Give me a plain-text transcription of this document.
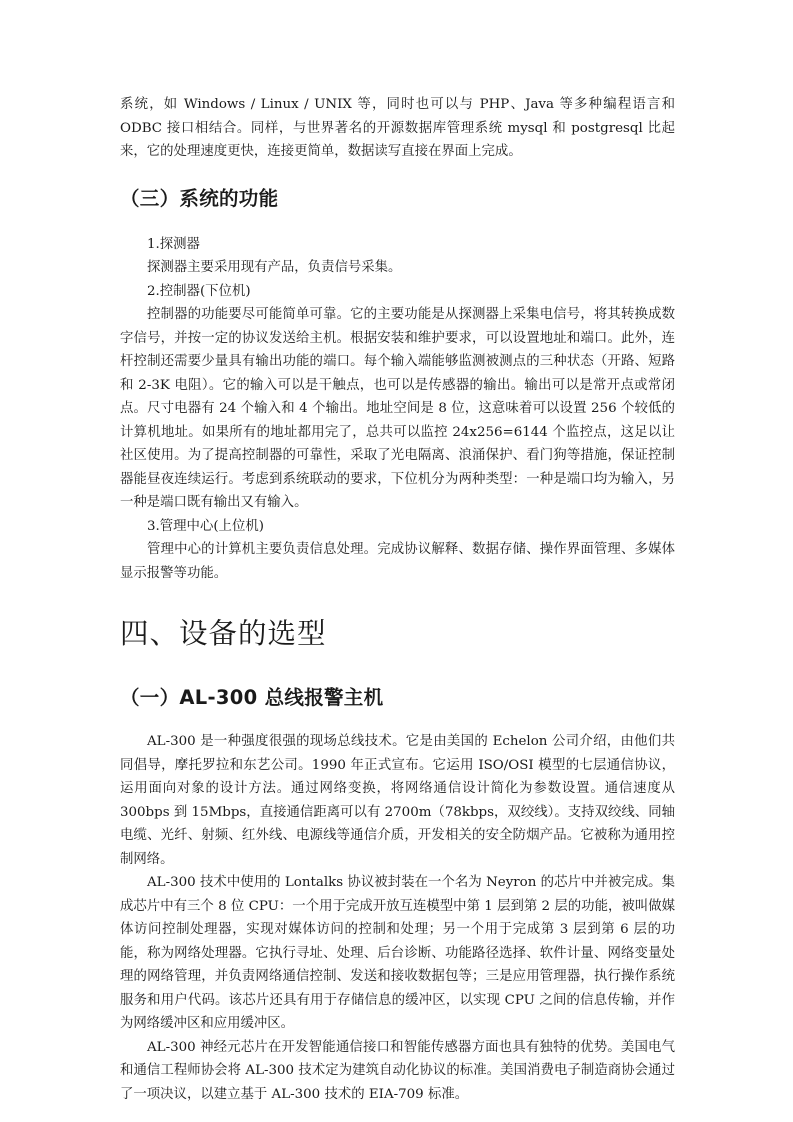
系统，如 Windows / Linux / UNIX 等，同时也可以与 PHP、Java 等多种编程语言和 ODBC 接口相结合。同样，与世界著名的开源数据库管理系统 mysql 和 postgresql 比起来，它的处理速度更快，连接更简单，数据读写直接在界面上完成。

（三）系统的功能

1.探测器

探测器主要采用现有产品，负责信号采集。

2.控制器(下位机)

控制器的功能要尽可能简单可靠。它的主要功能是从探测器上采集电信号，将其转换成数字信号，并按一定的协议发送给主机。根据安装和维护要求，可以设置地址和端口。此外，连杆控制还需要少量具有输出功能的端口。每个输入端能够监测被测点的三种状态（开路、短路和 2-3K 电阻）。它的输入可以是干触点，也可以是传感器的输出。输出可以是常开点或常闭点。尺寸电器有 24 个输入和 4 个输出。地址空间是 8 位，这意味着可以设置 256 个较低的计算机地址。如果所有的地址都用完了，总共可以监控 24x256=6144 个监控点，这足以让社区使用。为了提高控制器的可靠性，采取了光电隔离、浪涌保护、看门狗等措施，保证控制器能昼夜连续运行。考虑到系统联动的要求，下位机分为两种类型：一种是端口均为输入，另一种是端口既有输出又有输入。

3.管理中心(上位机)

管理中心的计算机主要负责信息处理。完成协议解释、数据存储、操作界面管理、多媒体显示报警等功能。

四、设备的选型
（一）AL-300 总线报警主机

AL-300 是一种强度很强的现场总线技术。它是由美国的 Echelon 公司介绍，由他们共同倡导，摩托罗拉和东艺公司。1990 年正式宣布。它运用 ISO/OSI 模型的七层通信协议，运用面向对象的设计方法。通过网络变换，将网络通信设计简化为参数设置。通信速度从 300bps 到 15Mbps，直接通信距离可以有 2700m（78kbps，双绞线）。支持双绞线、同轴电缆、光纤、射频、红外线、电源线等通信介质，开发相关的安全防烟产品。它被称为通用控制网络。

AL-300 技术中使用的 Lontalks 协议被封装在一个名为 Neyron 的芯片中并被完成。集成芯片中有三个 8 位 CPU：一个用于完成开放互连模型中第 1 层到第 2 层的功能，被叫做媒体访问控制处理器，实现对媒体访问的控制和处理；另一个用于完成第 3 层到第 6 层的功能，称为网络处理器。它执行寻址、处理、后台诊断、功能路径选择、软件计量、网络变量处理的网络管理，并负责网络通信控制、发送和接收数据包等；三是应用管理器，执行操作系统服务和用户代码。该芯片还具有用于存储信息的缓冲区，以实现 CPU 之间的信息传输，并作为网络缓冲区和应用缓冲区。

AL-300 神经元芯片在开发智能通信接口和智能传感器方面也具有独特的优势。美国电气和通信工程师协会将 AL-300 技术定为建筑自动化协议的标准。美国消费电子制造商协会通过了一项决议，以建立基于 AL-300 技术的 EIA-709 标准。
